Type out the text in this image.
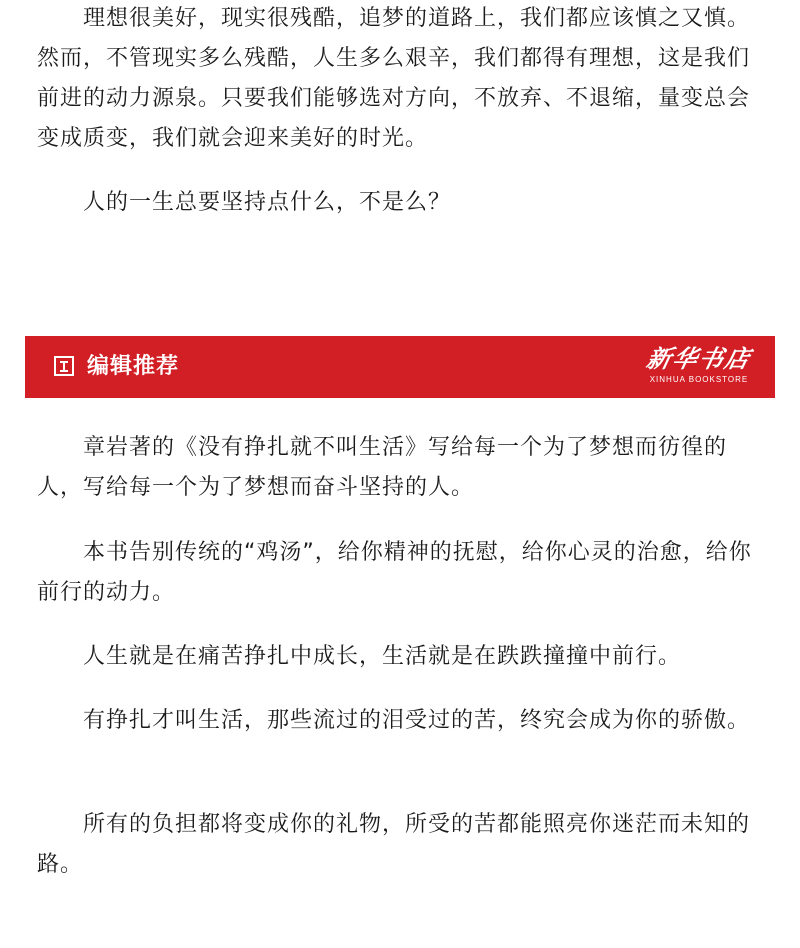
理想很美好，现实很残酷，追梦的道路上，我们都应该慎之又慎。然而，不管现实多么残酷，人生多么艰辛，我们都得有理想，这是我们前进的动力源泉。只要我们能够选对方向，不放弃、不退缩，量变总会变成质变，我们就会迎来美好的时光。

人的一生总要坚持点什么，不是么？

编辑推荐	新华书店
XINHUA BOOKSTORE

章岩著的《没有挣扎就不叫生活》写给每一个为了梦想而彷徨的人，写给每一个为了梦想而奋斗坚持的人。

本书告别传统的“鸡汤”，给你精神的抚慰，给你心灵的治愈，给你前行的动力。

人生就是在痛苦挣扎中成长，生活就是在跌跌撞撞中前行。

有挣扎才叫生活，那些流过的泪受过的苦，终究会成为你的骄傲。

所有的负担都将变成你的礼物，所受的苦都能照亮你迷茫而未知的路。
